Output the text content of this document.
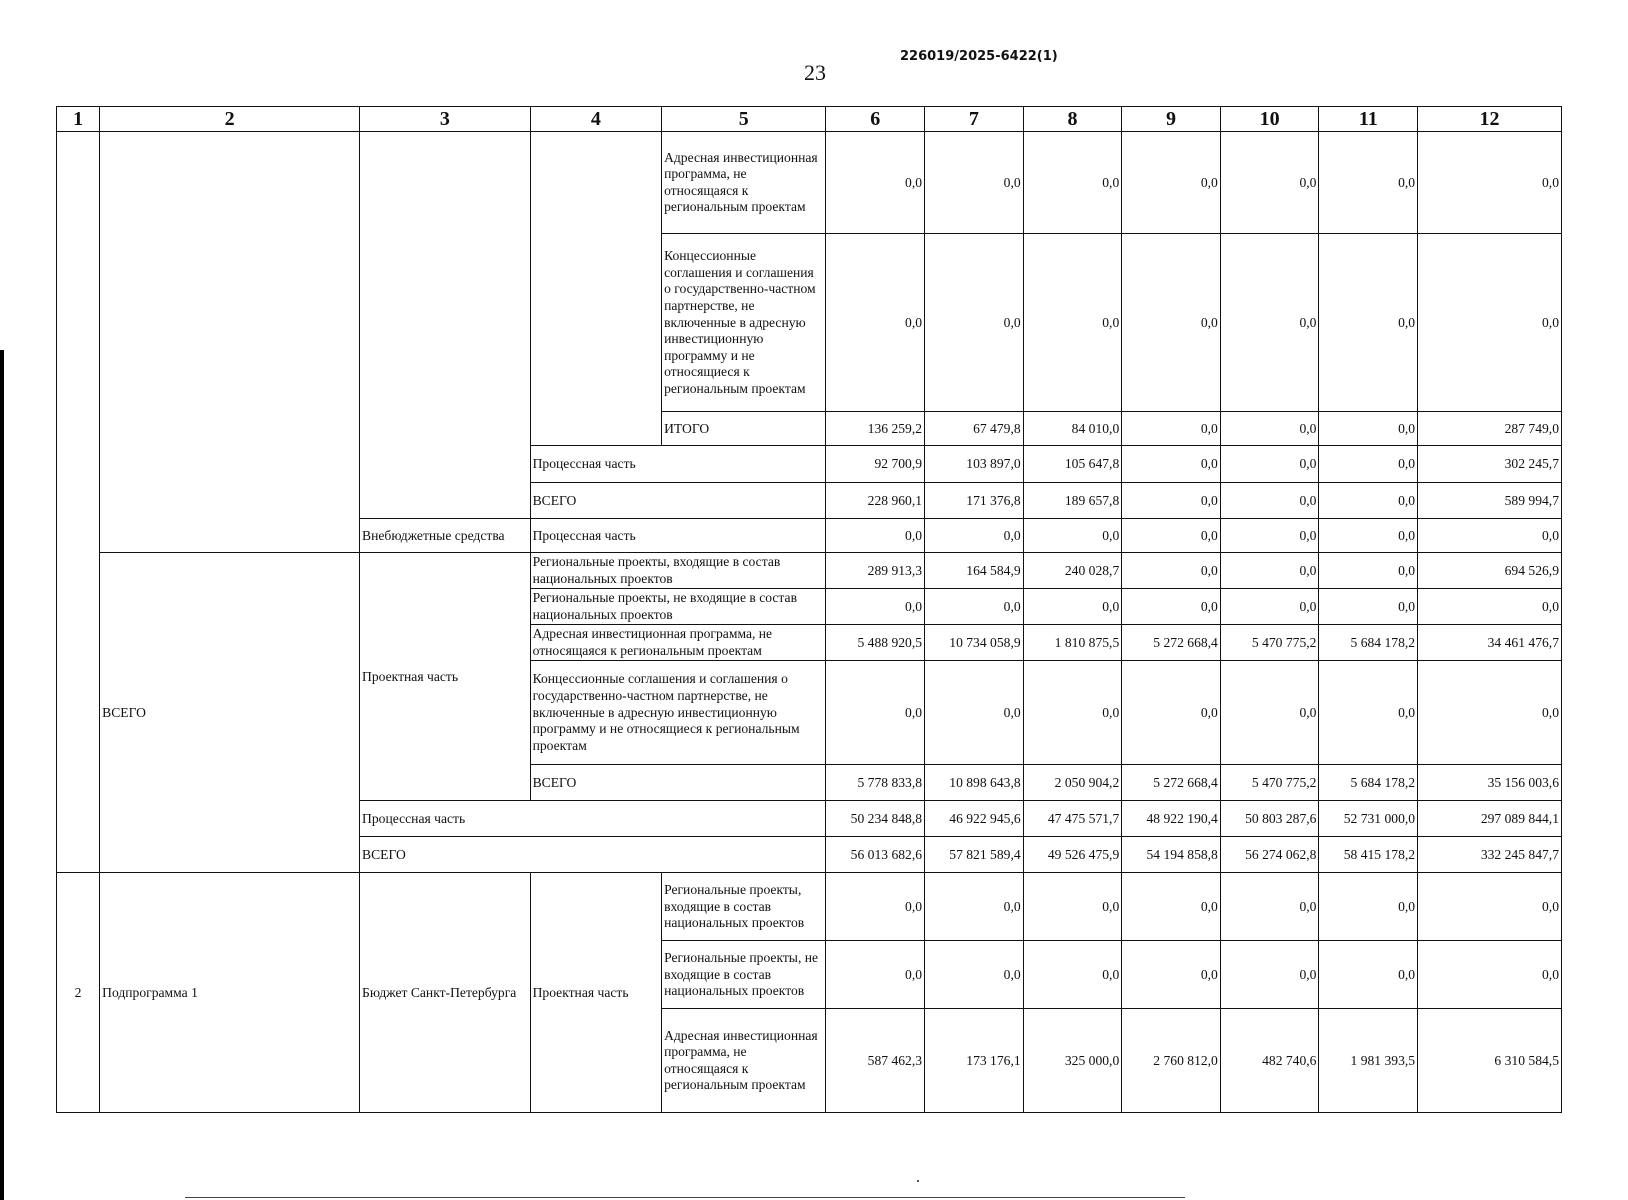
23
226019/2025-6422(1)
1	2	3	4	5	6	7	8	9	10	11	12
				Адресная инвестиционная программа, не относящаяся к региональным проектам	0,0	0,0	0,0	0,0	0,0	0,0	0,0
				Концессионные соглашения и соглашения о государственно-частном партнерстве, не включенные в адресную инвестиционную программу и не относящиеся к региональным проектам	0,0	0,0	0,0	0,0	0,0	0,0	0,0
				ИТОГО	136 259,2	67 479,8	84 010,0	0,0	0,0	0,0	287 749,0
			Процессная часть		92 700,9	103 897,0	105 647,8	0,0	0,0	0,0	302 245,7
			ВСЕГО		228 960,1	171 376,8	189 657,8	0,0	0,0	0,0	589 994,7
		Внебюджетные средства	Процессная часть		0,0	0,0	0,0	0,0	0,0	0,0	0,0
	ВСЕГО	Проектная часть	Региональные проекты, входящие в состав национальных проектов		289 913,3	164 584,9	240 028,7	0,0	0,0	0,0	694 526,9
			Региональные проекты, не входящие в состав национальных проектов		0,0	0,0	0,0	0,0	0,0	0,0	0,0
			Адресная инвестиционная программа, не относящаяся к региональным проектам		5 488 920,5	10 734 058,9	1 810 875,5	5 272 668,4	5 470 775,2	5 684 178,2	34 461 476,7
			Концессионные соглашения и соглашения о государственно-частном партнерстве, не включенные в адресную инвестиционную программу и не относящиеся к региональным проектам		0,0	0,0	0,0	0,0	0,0	0,0	0,0
			ВСЕГО		5 778 833,8	10 898 643,8	2 050 904,2	5 272 668,4	5 470 775,2	5 684 178,2	35 156 003,6
		Процессная часть			50 234 848,8	46 922 945,6	47 475 571,7	48 922 190,4	50 803 287,6	52 731 000,0	297 089 844,1
		ВСЕГО			56 013 682,6	57 821 589,4	49 526 475,9	54 194 858,8	56 274 062,8	58 415 178,2	332 245 847,7
2	Подпрограмма 1	Бюджет Санкт-Петербурга	Проектная часть	Региональные проекты, входящие в состав национальных проектов	0,0	0,0	0,0	0,0	0,0	0,0	0,0
				Региональные проекты, не входящие в состав национальных проектов	0,0	0,0	0,0	0,0	0,0	0,0	0,0
				Адресная инвестиционная программа, не относящаяся к региональным проектам	587 462,3	173 176,1	325 000,0	2 760 812,0	482 740,6	1 981 393,5	6 310 584,5
